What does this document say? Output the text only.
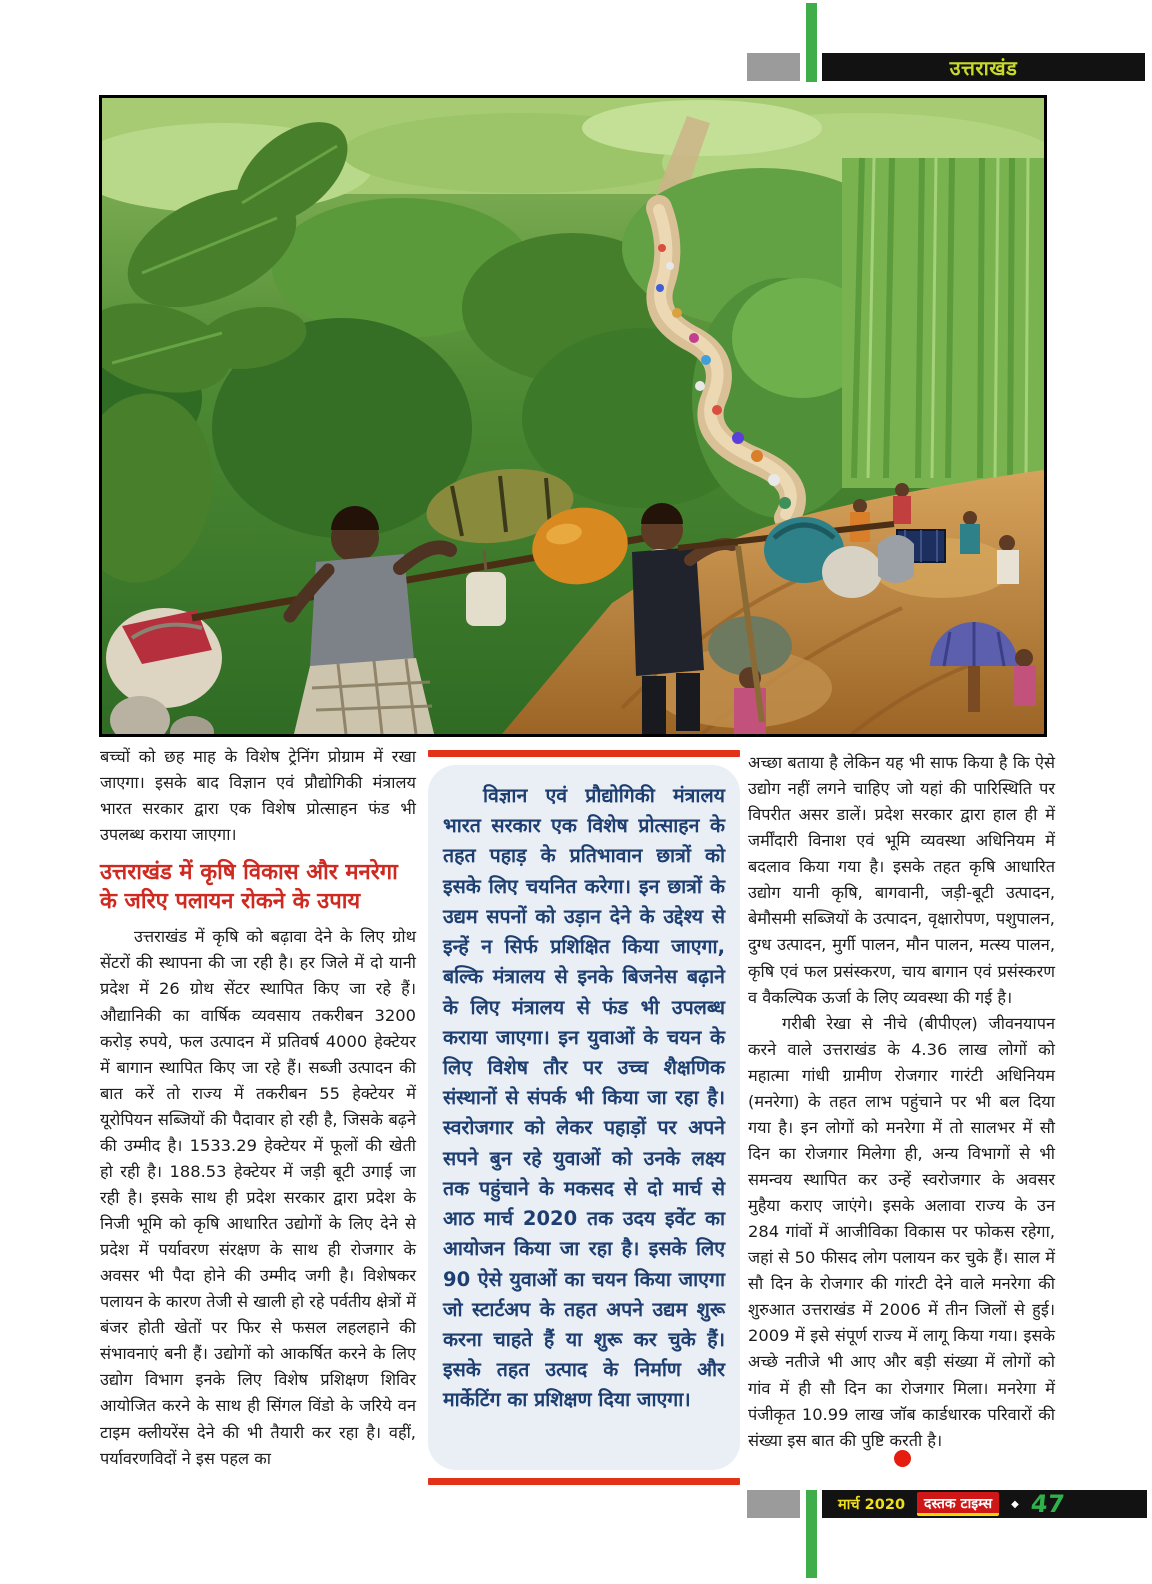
उत्तराखंड

बच्चों को छह माह के विशेष ट्रेनिंग प्रोग्राम में रखा जाएगा। इसके बाद विज्ञान एवं प्रौद्योगिकी मंत्रालय भारत सरकार द्वारा एक विशेष प्रोत्साहन फंड भी उपलब्ध कराया जाएगा।

उत्तराखंड में कृषि विकास और मनरेगा के जरिए पलायन रोकने के उपाय

उत्तराखंड में कृषि को बढ़ावा देने के लिए ग्रोथ सेंटरों की स्थापना की जा रही है। हर जिले में दो यानी प्रदेश में 26 ग्रोथ सेंटर स्थापित किए जा रहे हैं। औद्यानिकी का वार्षिक व्यवसाय तकरीबन 3200 करोड़ रुपये, फल उत्पादन में प्रतिवर्ष 4000 हेक्टेयर में बागान स्थापित किए जा रहे हैं। सब्जी उत्पादन की बात करें तो राज्य में तकरीबन 55 हेक्टेयर में यूरोपियन सब्जियों की पैदावार हो रही है, जिसके बढ़ने की उम्मीद है। 1533.29 हेक्टेयर में फूलों की खेती हो रही है। 188.53 हेक्टेयर में जड़ी बूटी उगाई जा रही है। इसके साथ ही प्रदेश सरकार द्वारा प्रदेश के निजी भूमि को कृषि आधारित उद्योगों के लिए देने से प्रदेश में पर्यावरण संरक्षण के साथ ही रोजगार के अवसर भी पैदा होने की उम्मीद जगी है। विशेषकर पलायन के कारण तेजी से खाली हो रहे पर्वतीय क्षेत्रों में बंजर होती खेतों पर फिर से फसल लहलहाने की संभावनाएं बनी हैं। उद्योगों को आकर्षित करने के लिए उद्योग विभाग इनके लिए विशेष प्रशिक्षण शिविर आयोजित करने के साथ ही सिंगल विंडो के जरिये वन टाइम क्लीयरेंस देने की भी तैयारी कर रहा है। वहीं, पर्यावरणविदों ने इस पहल का

विज्ञान एवं प्रौद्योगिकी मंत्रालय भारत सरकार एक विशेष प्रोत्साहन के तहत पहाड़ के प्रतिभावान छात्रों को इसके लिए चयनित करेगा। इन छात्रों के उद्यम सपनों को उड़ान देने के उद्देश्य से इन्हें न सिर्फ प्रशिक्षित किया जाएगा, बल्कि मंत्रालय से इनके बिजनेस बढ़ाने के लिए मंत्रालय से फंड भी उपलब्ध कराया जाएगा। इन युवाओं के चयन के लिए विशेष तौर पर उच्च शैक्षणिक संस्थानों से संपर्क भी किया जा रहा है। स्वरोजगार को लेकर पहाड़ों पर अपने सपने बुन रहे युवाओं को उनके लक्ष्य तक पहुंचाने के मकसद से दो मार्च से आठ मार्च 2020 तक उदय इवेंट का आयोजन किया जा रहा है। इसके लिए 90 ऐसे युवाओं का चयन किया जाएगा जो स्टार्टअप के तहत अपने उद्यम शुरू करना चाहते हैं या शुरू कर चुके हैं। इसके तहत उत्पाद के निर्माण और मार्केटिंग का प्रशिक्षण दिया जाएगा।

अच्छा बताया है लेकिन यह भी साफ किया है कि ऐसे उद्योग नहीं लगने चाहिए जो यहां की पारिस्थिति पर विपरीत असर डालें। प्रदेश सरकार द्वारा हाल ही में जर्मींदारी विनाश एवं भूमि व्यवस्था अधिनियम में बदलाव किया गया है। इसके तहत कृषि आधारित उद्योग यानी कृषि, बागवानी, जड़ी-बूटी उत्पादन, बेमौसमी सब्जियों के उत्पादन, वृक्षारोपण, पशुपालन, दुग्ध उत्पादन, मुर्गी पालन, मौन पालन, मत्स्य पालन, कृषि एवं फल प्रसंस्करण, चाय बागान एवं प्रसंस्करण व वैकल्पिक ऊर्जा के लिए व्यवस्था की गई है।

गरीबी रेखा से नीचे (बीपीएल) जीवनयापन करने वाले उत्तराखंड के 4.36 लाख लोगों को महात्मा गांधी ग्रामीण रोजगार गारंटी अधिनियम (मनरेगा) के तहत लाभ पहुंचाने पर भी बल दिया गया है। इन लोगों को मनरेगा में तो सालभर में सौ दिन का रोजगार मिलेगा ही, अन्य विभागों से भी समन्वय स्थापित कर उन्हें स्वरोजगार के अवसर मुहैया कराए जाएंगे। इसके अलावा राज्य के उन 284 गांवों में आजीविका विकास पर फोकस रहेगा, जहां से 50 फीसद लोग पलायन कर चुके हैं। साल में सौ दिन के रोजगार की गांरटी देने वाले मनरेगा की शुरुआत उत्तराखंड में 2006 में तीन जिलों से हुई। 2009 में इसे संपूर्ण राज्य में लागू किया गया। इसके अच्छे नतीजे भी आए और बड़ी संख्या में लोगों को गांव में ही सौ दिन का रोजगार मिला। मनरेगा में पंजीकृत 10.99 लाख जॉब कार्डधारक परिवारों की संख्या इस बात की पुष्टि करती है।

मार्च 2020	दस्तक टाइम्स	◆ 47
